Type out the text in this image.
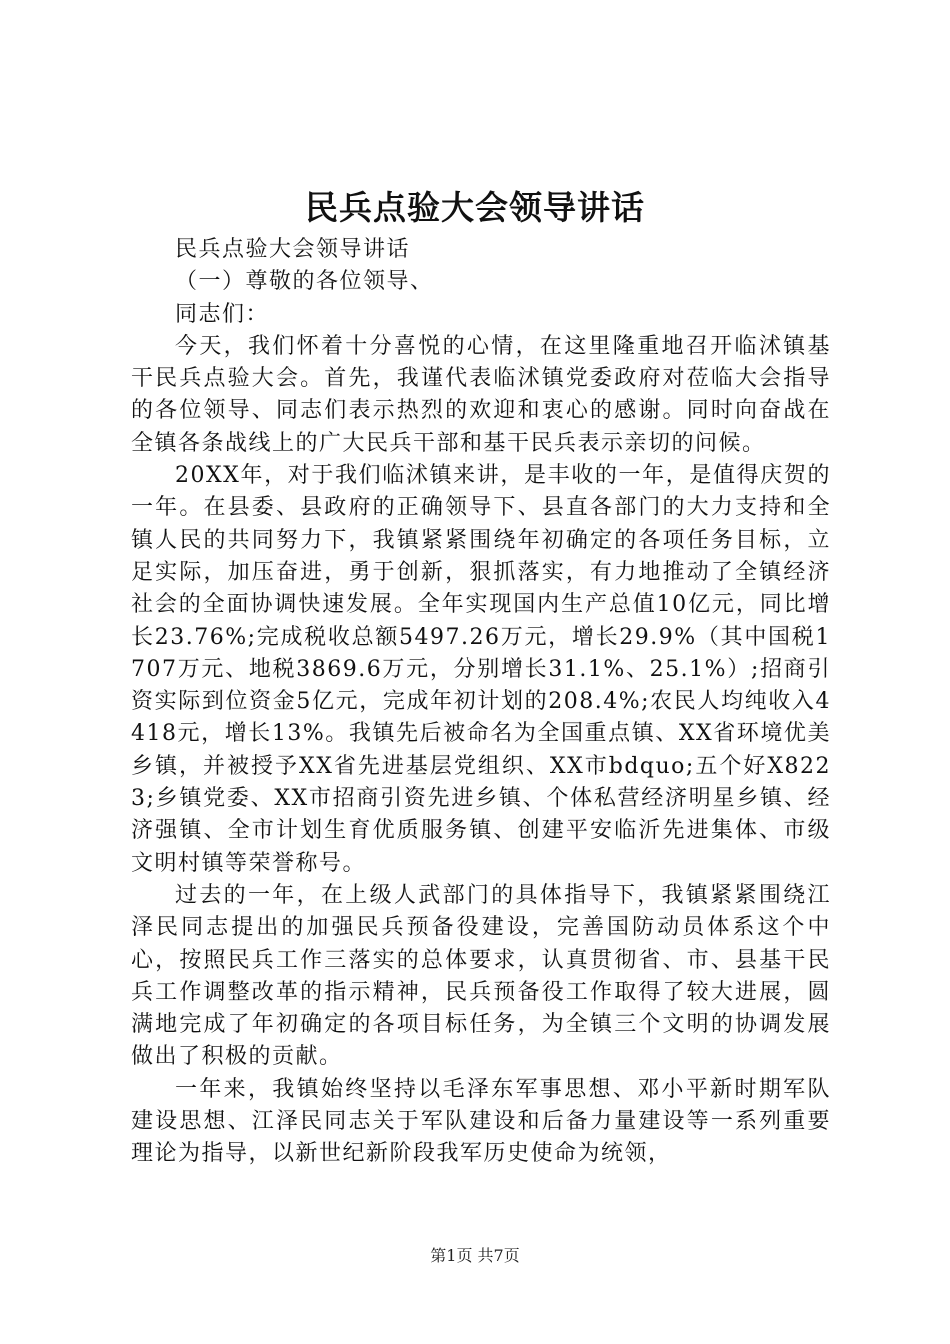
民兵点验大会领导讲话

民兵点验大会领导讲话

（一）尊敬的各位领导、

同志们：

今天，我们怀着十分喜悦的心情，在这里隆重地召开临沭镇基干民兵点验大会。首先，我谨代表临沭镇党委政府对莅临大会指导的各位领导、同志们表示热烈的欢迎和衷心的感谢。同时向奋战在全镇各条战线上的广大民兵干部和基干民兵表示亲切的问候。

20XX年，对于我们临沭镇来讲，是丰收的一年，是值得庆贺的一年。在县委、县政府的正确领导下、县直各部门的大力支持和全镇人民的共同努力下，我镇紧紧围绕年初确定的各项任务目标，立足实际，加压奋进，勇于创新，狠抓落实，有力地推动了全镇经济社会的全面协调快速发展。全年实现国内生产总值10亿元，同比增长23.76%;完成税收总额5497.26万元，增长29.9%（其中国税1707万元、地税3869.6万元，分别增长31.1%、25.1%）;招商引资实际到位资金5亿元，完成年初计划的208.4%;农民人均纯收入4418元，增长13%。我镇先后被命名为全国重点镇、XX省环境优美乡镇，并被授予XX省先进基层党组织、XX市bdquo;五个好X8223;乡镇党委、XX市招商引资先进乡镇、个体私营经济明星乡镇、经济强镇、全市计划生育优质服务镇、创建平安临沂先进集体、市级文明村镇等荣誉称号。

过去的一年，在上级人武部门的具体指导下，我镇紧紧围绕江泽民同志提出的加强民兵预备役建设，完善国防动员体系这个中心，按照民兵工作三落实的总体要求，认真贯彻省、市、县基干民兵工作调整改革的指示精神，民兵预备役工作取得了较大进展，圆满地完成了年初确定的各项目标任务，为全镇三个文明的协调发展做出了积极的贡献。

一年来，我镇始终坚持以毛泽东军事思想、邓小平新时期军队建设思想、江泽民同志关于军队建设和后备力量建设等一系列重要理论为指导，以新世纪新阶段我军历史使命为统领，

第1页 共7页
